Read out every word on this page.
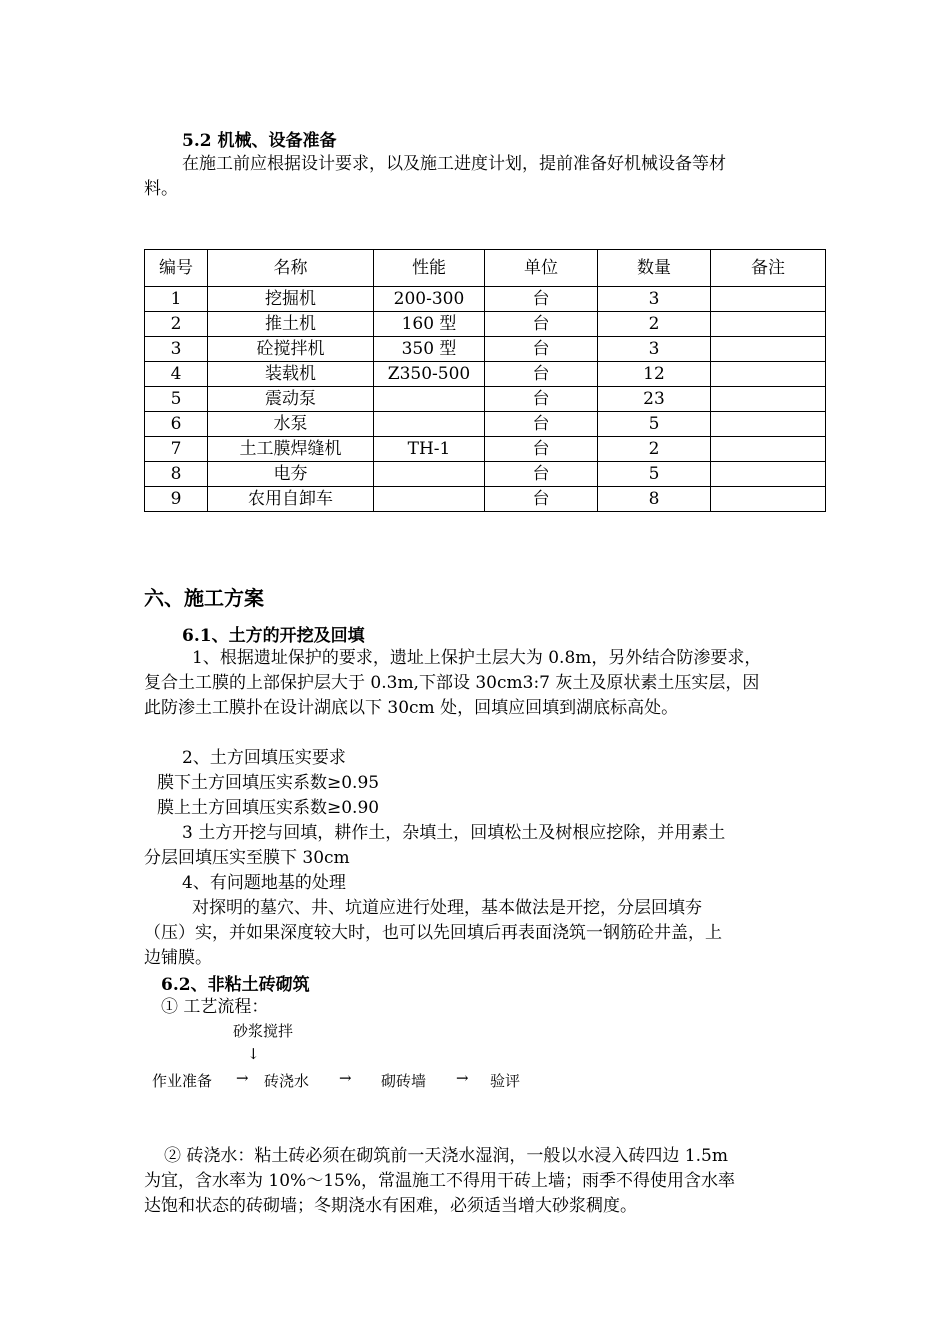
5.2 机械、设备准备
在施工前应根据设计要求，以及施工进度计划，提前准备好机械设备等材
料。
编号	名称	性能	单位	数量	备注
1	挖掘机	200-300	台	3	
2	推土机	160 型	台	2	
3	砼搅拌机	350 型	台	3	
4	装载机	Z350-500	台	12	
5	震动泵		台	23	
6	水泵		台	5	
7	土工膜焊缝机	TH-1	台	2	
8	电夯		台	5	
9	农用自卸车		台	8	
六、施工方案
6.1、土方的开挖及回填
1、根据遗址保护的要求，遗址上保护土层大为 0.8m，另外结合防渗要求，
复合土工膜的上部保护层大于 0.3m,下部设 30cm3:7 灰土及原状素土压实层，因
此防渗土工膜扑在设计湖底以下 30cm 处，回填应回填到湖底标高处。
2、土方回填压实要求
膜下土方回填压实系数≥0.95
膜上土方回填压实系数≥0.90
3 土方开挖与回填，耕作土，杂填土，回填松土及树根应挖除，并用素土
分层回填压实至膜下 30cm
4、有问题地基的处理
对探明的墓穴、井、坑道应进行处理，基本做法是开挖，分层回填夯
（压）实，并如果深度较大时，也可以先回填后再表面浇筑一钢筋砼井盖，上
边铺膜。
6.2、非粘土砖砌筑
① 工艺流程：
砂浆搅拌
↓
作业准备 → 砖浇水 → 砌砖墙 → 验评
② 砖浇水：粘土砖必须在砌筑前一天浇水湿润，一般以水浸入砖四边 1.5m
为宜，含水率为 10%～15%，常温施工不得用干砖上墙；雨季不得使用含水率
达饱和状态的砖砌墙；冬期浇水有困难，必须适当增大砂浆稠度。
